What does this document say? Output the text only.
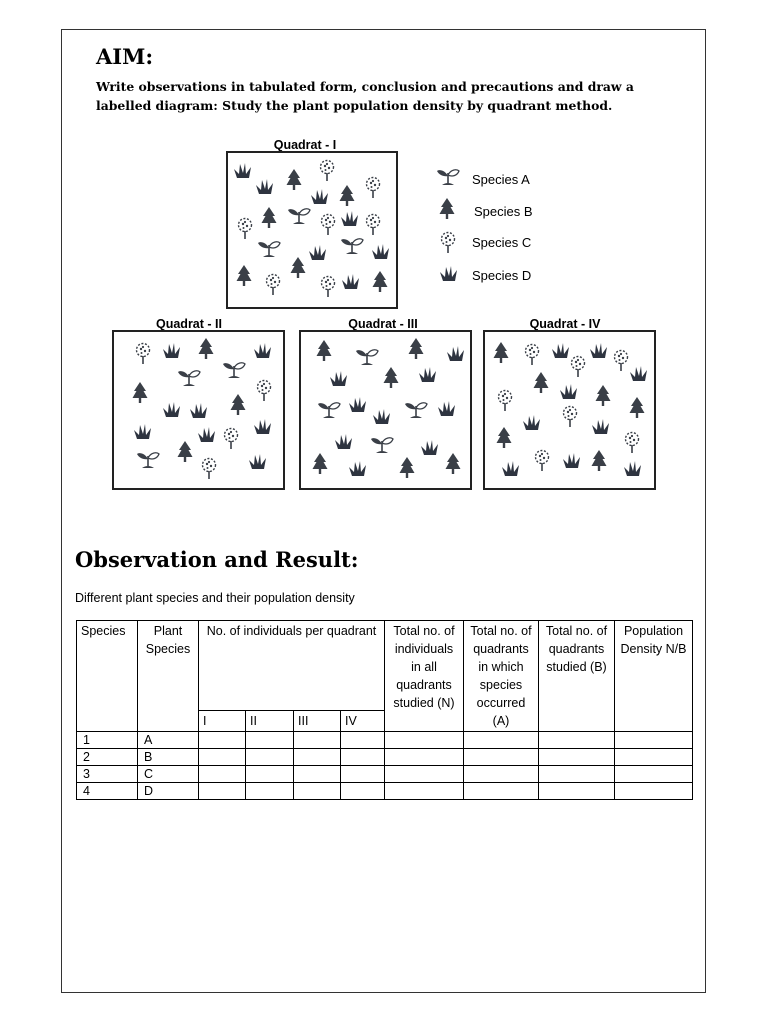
AIM:

Write observations in tabulated form, conclusion and precautions and draw a labelled diagram: Study the plant population density by quadrant method.

Quadrat - I
Species A
Species B
Species C
Species D
Quadrat - II	Quadrat - III	Quadrat - IV
Observation and Result:

Different plant species and their population density

Species	Plant Species	No. of individuals per quadrant				Total no. of individuals in all quadrants studied (N)	Total no. of quadrants in which species occurred (A)	Total no. of quadrants studied (B)	Population Density N/B
		I	II	III	IV				
1	A								
2	B								
3	C								
4	D								
